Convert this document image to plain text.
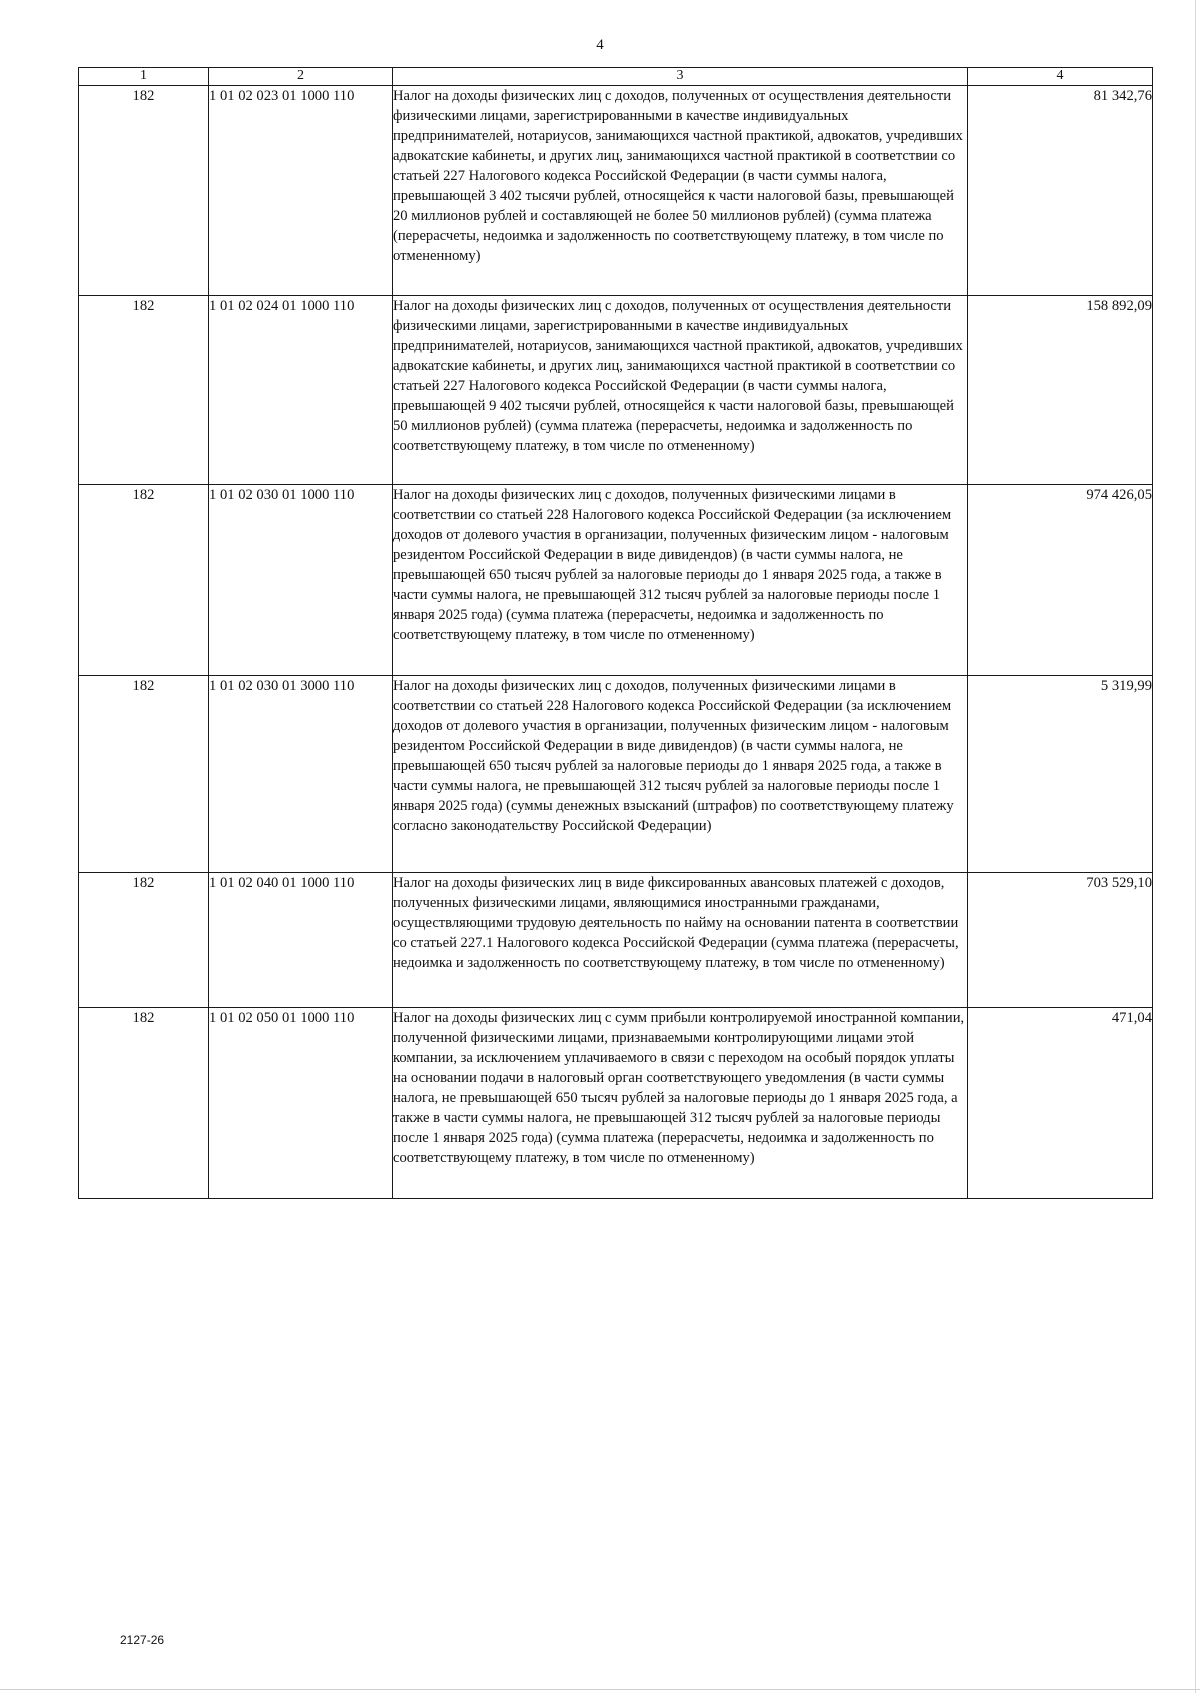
4
1	2	3	4
182	1 01 02 023 01 1000 110	Налог на доходы физических лиц с доходов, полученных от осуществления деятельности физическими лицами, зарегистрированными в качестве индивидуальных предпринимателей, нотариусов, занимающихся частной практикой, адвокатов, учредивших адвокатские кабинеты, и других лиц, занимающихся частной практикой в соответствии со статьей 227 Налогового кодекса Российской Федерации (в части суммы налога, превышающей 3 402 тысячи рублей, относящейся к части налоговой базы, превышающей 20 миллионов рублей и составляющей не более 50 миллионов рублей) (сумма платежа (перерасчеты, недоимка и задолженность по соответствующему платежу, в том числе по отмененному)	81 342,76
182	1 01 02 024 01 1000 110	Налог на доходы физических лиц с доходов, полученных от осуществления деятельности физическими лицами, зарегистрированными в качестве индивидуальных предпринимателей, нотариусов, занимающихся частной практикой, адвокатов, учредивших адвокатские кабинеты, и других лиц, занимающихся частной практикой в соответствии со статьей 227 Налогового кодекса Российской Федерации (в части суммы налога, превышающей 9 402 тысячи рублей, относящейся к части налоговой базы, превышающей 50 миллионов рублей) (сумма платежа (перерасчеты, недоимка и задолженность по соответствующему платежу, в том числе по отмененному)	158 892,09
182	1 01 02 030 01 1000 110	Налог на доходы физических лиц с доходов, полученных физическими лицами в соответствии со статьей 228 Налогового кодекса Российской Федерации (за исключением доходов от долевого участия в организации, полученных физическим лицом - налоговым резидентом Российской Федерации в виде дивидендов) (в части суммы налога, не превышающей 650 тысяч рублей за налоговые периоды до 1 января 2025 года, а также в части суммы налога, не превышающей 312 тысяч рублей за налоговые периоды после 1 января 2025 года) (сумма платежа (перерасчеты, недоимка и задолженность по соответствующему платежу, в том числе по отмененному)	974 426,05
182	1 01 02 030 01 3000 110	Налог на доходы физических лиц с доходов, полученных физическими лицами в соответствии со статьей 228 Налогового кодекса Российской Федерации (за исключением доходов от долевого участия в организации, полученных физическим лицом - налоговым резидентом Российской Федерации в виде дивидендов) (в части суммы налога, не превышающей 650 тысяч рублей за налоговые периоды до 1 января 2025 года, а также в части суммы налога, не превышающей 312 тысяч рублей за налоговые периоды после 1 января 2025 года) (суммы денежных взысканий (штрафов) по соответствующему платежу согласно законодательству Российской Федерации)	5 319,99
182	1 01 02 040 01 1000 110	Налог на доходы физических лиц в виде фиксированных авансовых платежей с доходов, полученных физическими лицами, являющимися иностранными гражданами, осуществляющими трудовую деятельность по найму на основании патента в соответствии со статьей 227.1 Налогового кодекса Российской Федерации (сумма платежа (перерасчеты, недоимка и задолженность по соответствующему платежу, в том числе по отмененному)	703 529,10
182	1 01 02 050 01 1000 110	Налог на доходы физических лиц с сумм прибыли контролируемой иностранной компании, полученной физическими лицами, признаваемыми контролирующими лицами этой компании, за исключением уплачиваемого в связи с переходом на особый порядок уплаты на основании подачи в налоговый орган соответствующего уведомления (в части суммы налога, не превышающей 650 тысяч рублей за налоговые периоды до 1 января 2025 года, а также в части суммы налога, не превышающей 312 тысяч рублей за налоговые периоды после 1 января 2025 года) (сумма платежа (перерасчеты, недоимка и задолженность по соответствующему платежу, в том числе по отмененному)	471,04
2127-26
